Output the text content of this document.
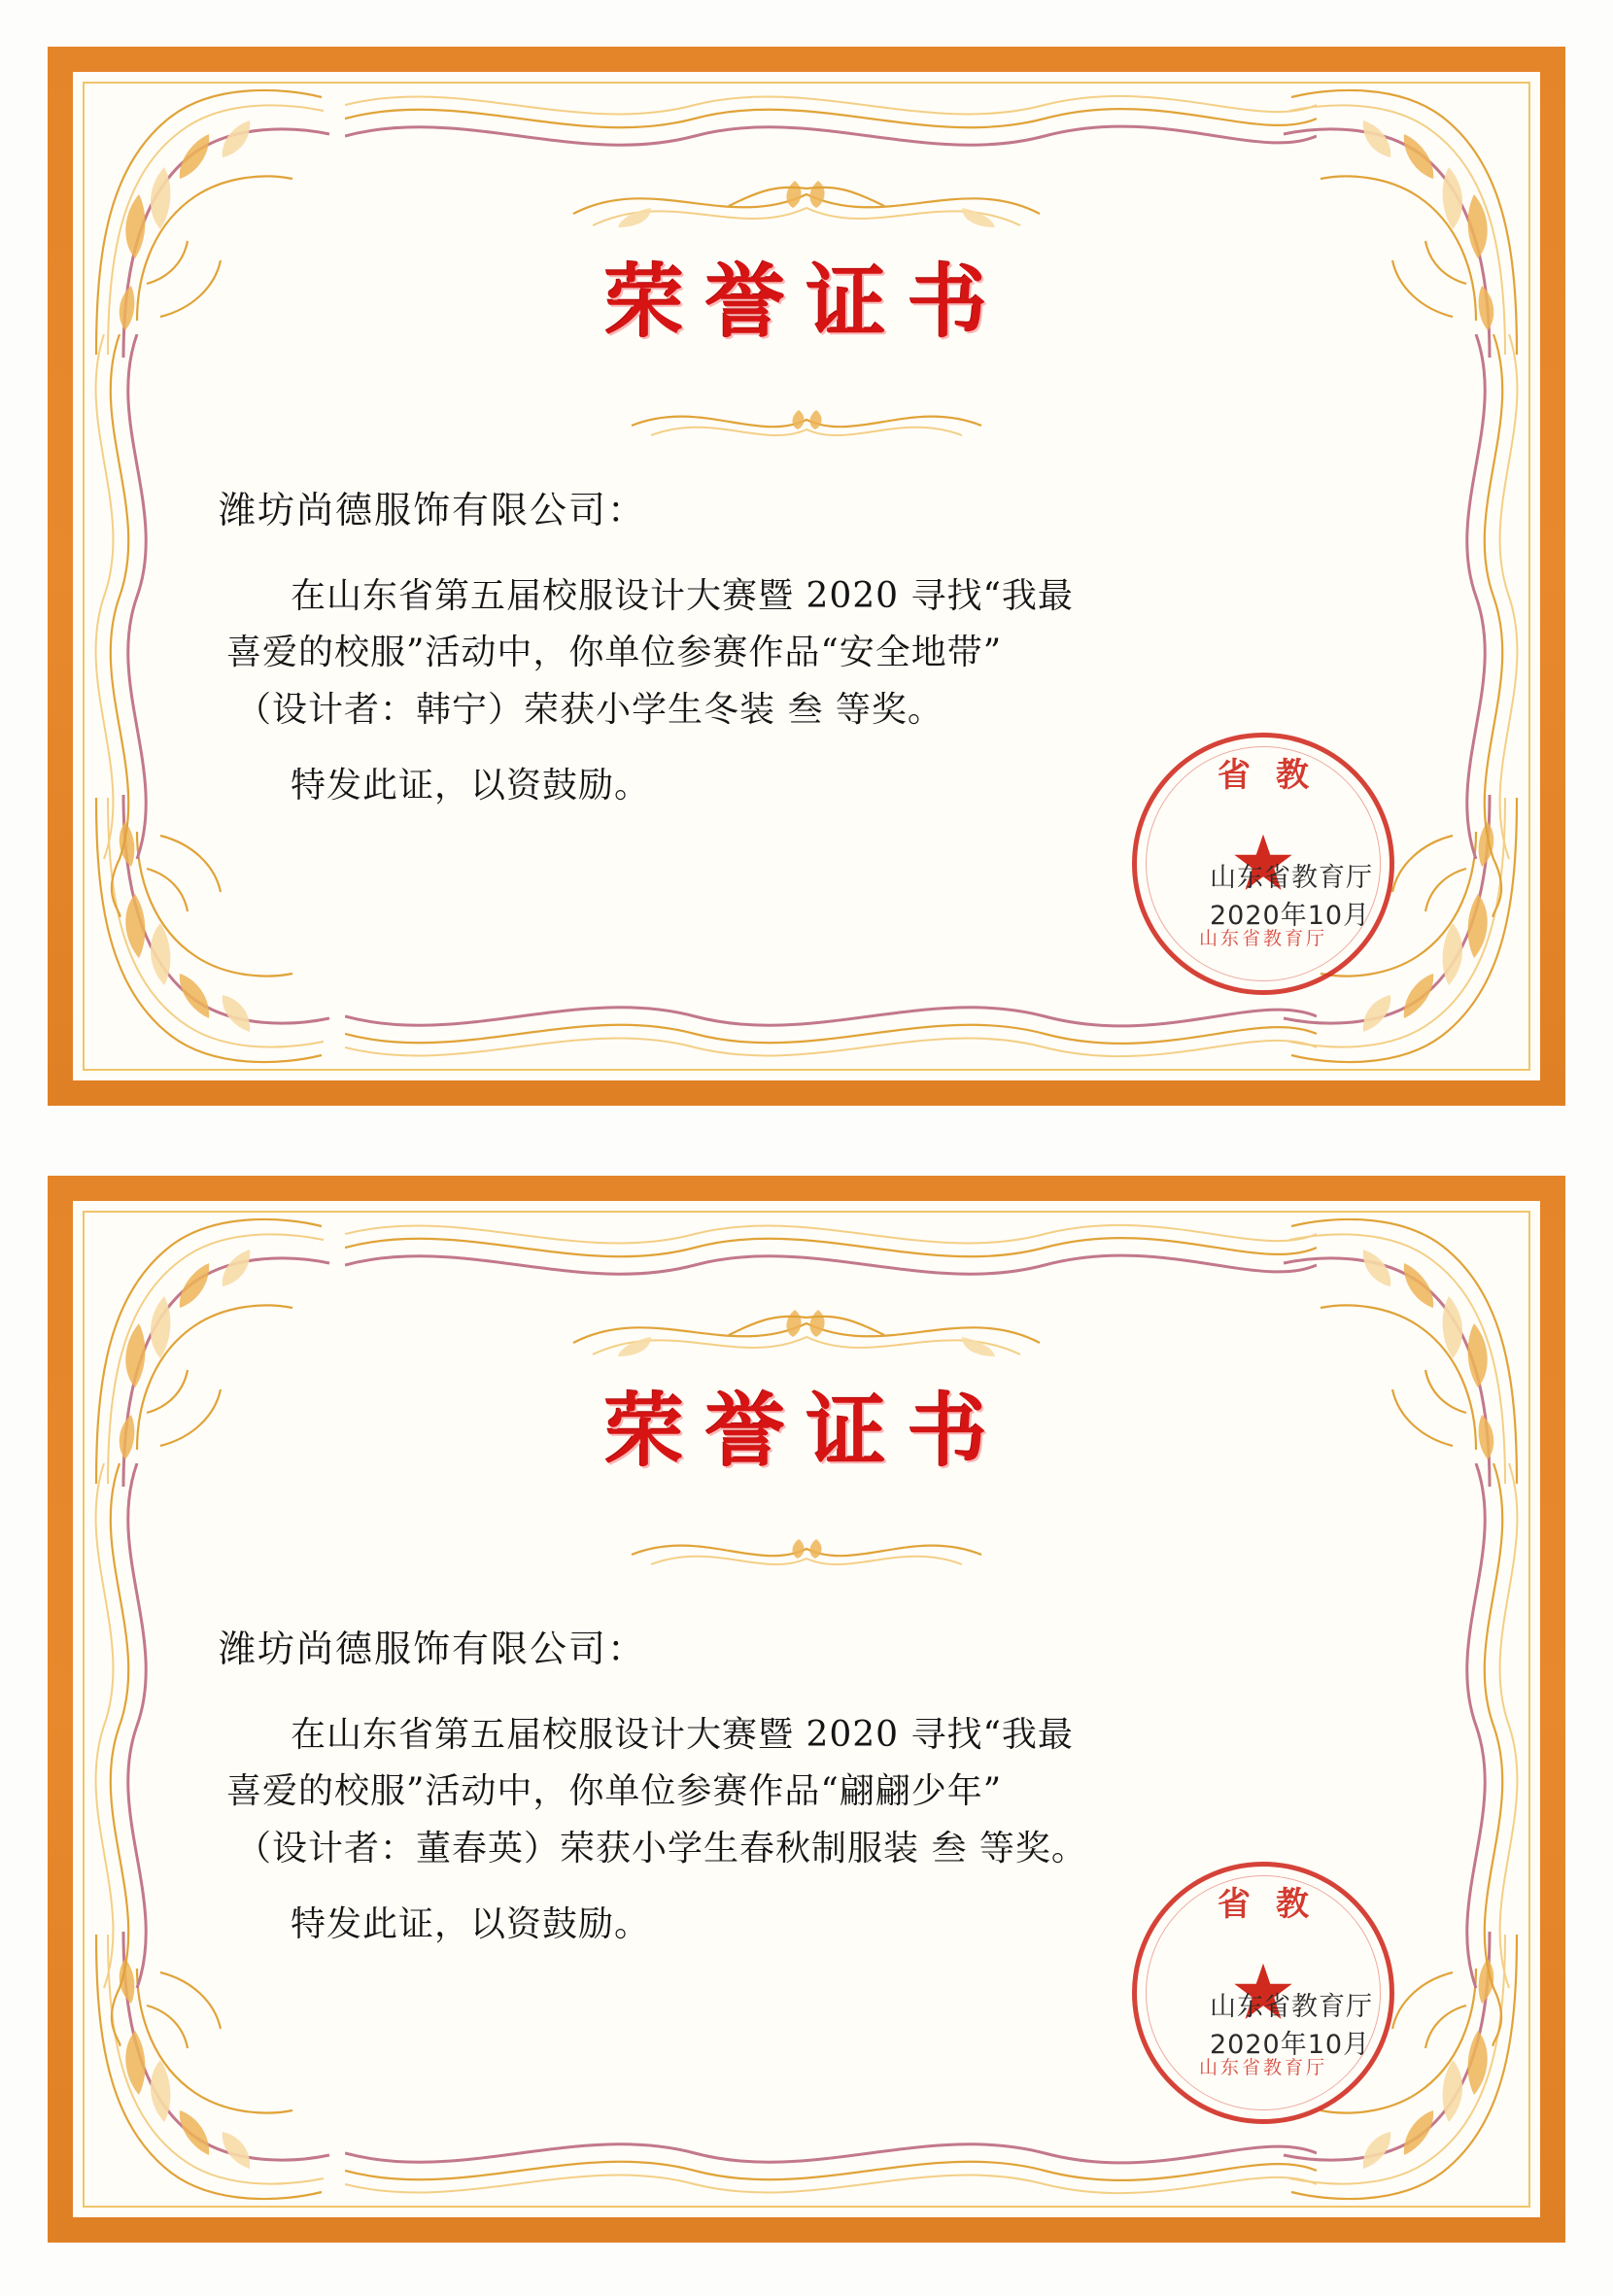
荣誉证书
潍坊尚德服饰有限公司：
在山东省第五届校服设计大赛暨 2020 寻找“我最
喜爱的校服”活动中，你单位参赛作品“安全地带”
（设计者：韩宁）荣获小学生冬装 叁 等奖。
特发此证，以资鼓励。	省教
山东省教育厅
山东省教育厅
2020年10月
荣誉证书
潍坊尚德服饰有限公司：
在山东省第五届校服设计大赛暨 2020 寻找“我最
喜爱的校服”活动中，你单位参赛作品“翩翩少年”
（设计者：董春英）荣获小学生春秋制服装 叁 等奖。
特发此证，以资鼓励。	省教
山东省教育厅
山东省教育厅
2020年10月
